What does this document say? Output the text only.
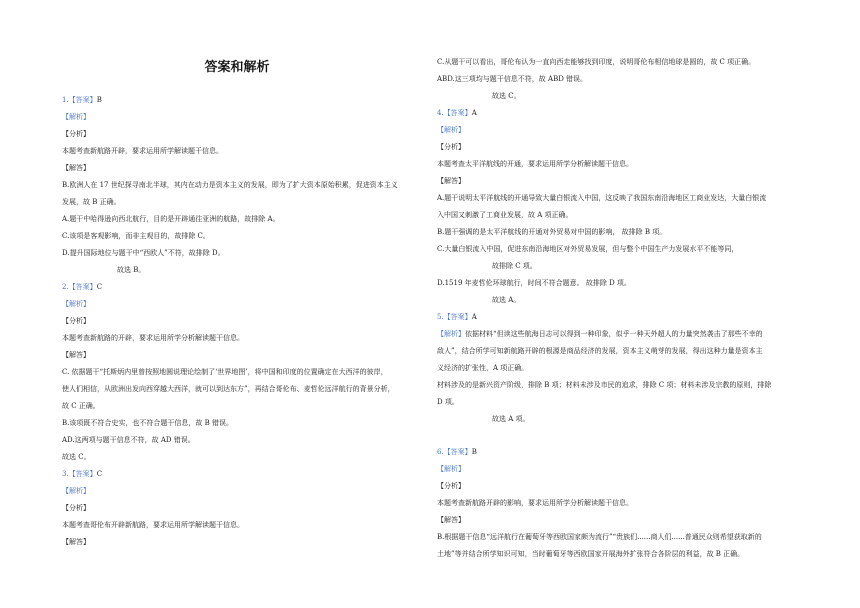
答案和解析
1.【答案】B
【解析】
【分析】
本题考查新航路开辟，要求运用所学解读题干信息。
【解答】
B.欧洲人在 17 世纪探寻南北半球，其内在动力是资本主义的发展，即为了扩大资本原始积累，促进资本主义
发展，故 B 正确。
A.题干中哈得逊向西北航行，目的是开辟通往亚洲的航路，故排除 A。
C.该项是客观影响，而非主观目的，故排除 C。
D.提升国际地位与题干中“西欧人”不符，故排除 D。
故选 B。
2.【答案】C
【解析】
【分析】
本题考查新航路的开辟，要求运用所学分析解读题干信息。
【解答】
C. 依据题干“托斯炳内里曾按照地圆说理论绘制了‘世界地图’，将中国和印度的位置确定在大西洋的彼岸，
使人们相信，从欧洲出发向西穿越大西洋，就可以到达东方”，再结合哥伦布、麦哲伦远洋航行的背景分析，
故 C 正确。
B.该项既不符合史实，也不符合题干信息，故 B 错误。
AD.这两项与题干信息不符，故 AD 错误。
故选 C。
3.【答案】C
【解析】
【分析】
本题考查哥伦布开辟新航路，要求运用所学解读题干信息。
【解答】
C.从题干可以看出，哥伦布认为一直向西走能够找到印度，说明哥伦布相信地球是圆的，故 C 项正确。
ABD.这三项均与题干信息不符，故 ABD 错误。
故选 C。
4.【答案】A
【解析】
【分析】
本题考查太平洋航线的开通，要求运用所学分析解读题干信息。
【解答】
A.题干说明太平洋航线的开通导致大量白银流入中国，这反映了我国东南沿海地区工商业发达，大量白银流
入中国又刺激了工商业发展，故 A 项正确。
B.题干强调的是太平洋航线的开通对外贸易对中国的影响， 故排除 B 项。
C.大量白银流入中国，促进东南沿海地区对外贸易发展，但与整个中国生产力发展水平不能等同，
故排除 C 项。
D.1519 年麦哲伦环球航行，时间不符合题意。 故排除 D 项。
故选 A。
5.【答案】A
【解析】依据材料“但读这些航海日志可以得到一种印象，似乎一种天外超人的力量突然袭击了那些不幸的
敌人”，结合所学可知新航路开辟的根源是商品经济的发展，资本主义萌芽的发展，得出这种力量是资本主
义经济的扩张性，A 项正确。
材料涉及的是新兴资产阶级，排除 B 项；材料未涉及市民的追求，排除 C 项；材料未涉及宗教的原则，排除
D 项。
故选 A 项。
6.【答案】B
【解析】
【分析】
本题考查新航路开辟的影响，要求运用所学分析解读题干信息。
【解答】
B.根据题干信息“远洋航行在葡萄牙等西欧国家颇为流行”“贵族们......商人们......普通民众则希望获取新的
土地”等并结合所学知识可知，当时葡萄牙等西欧国家开展海外扩张符合各阶层的利益，故 B 正确。
